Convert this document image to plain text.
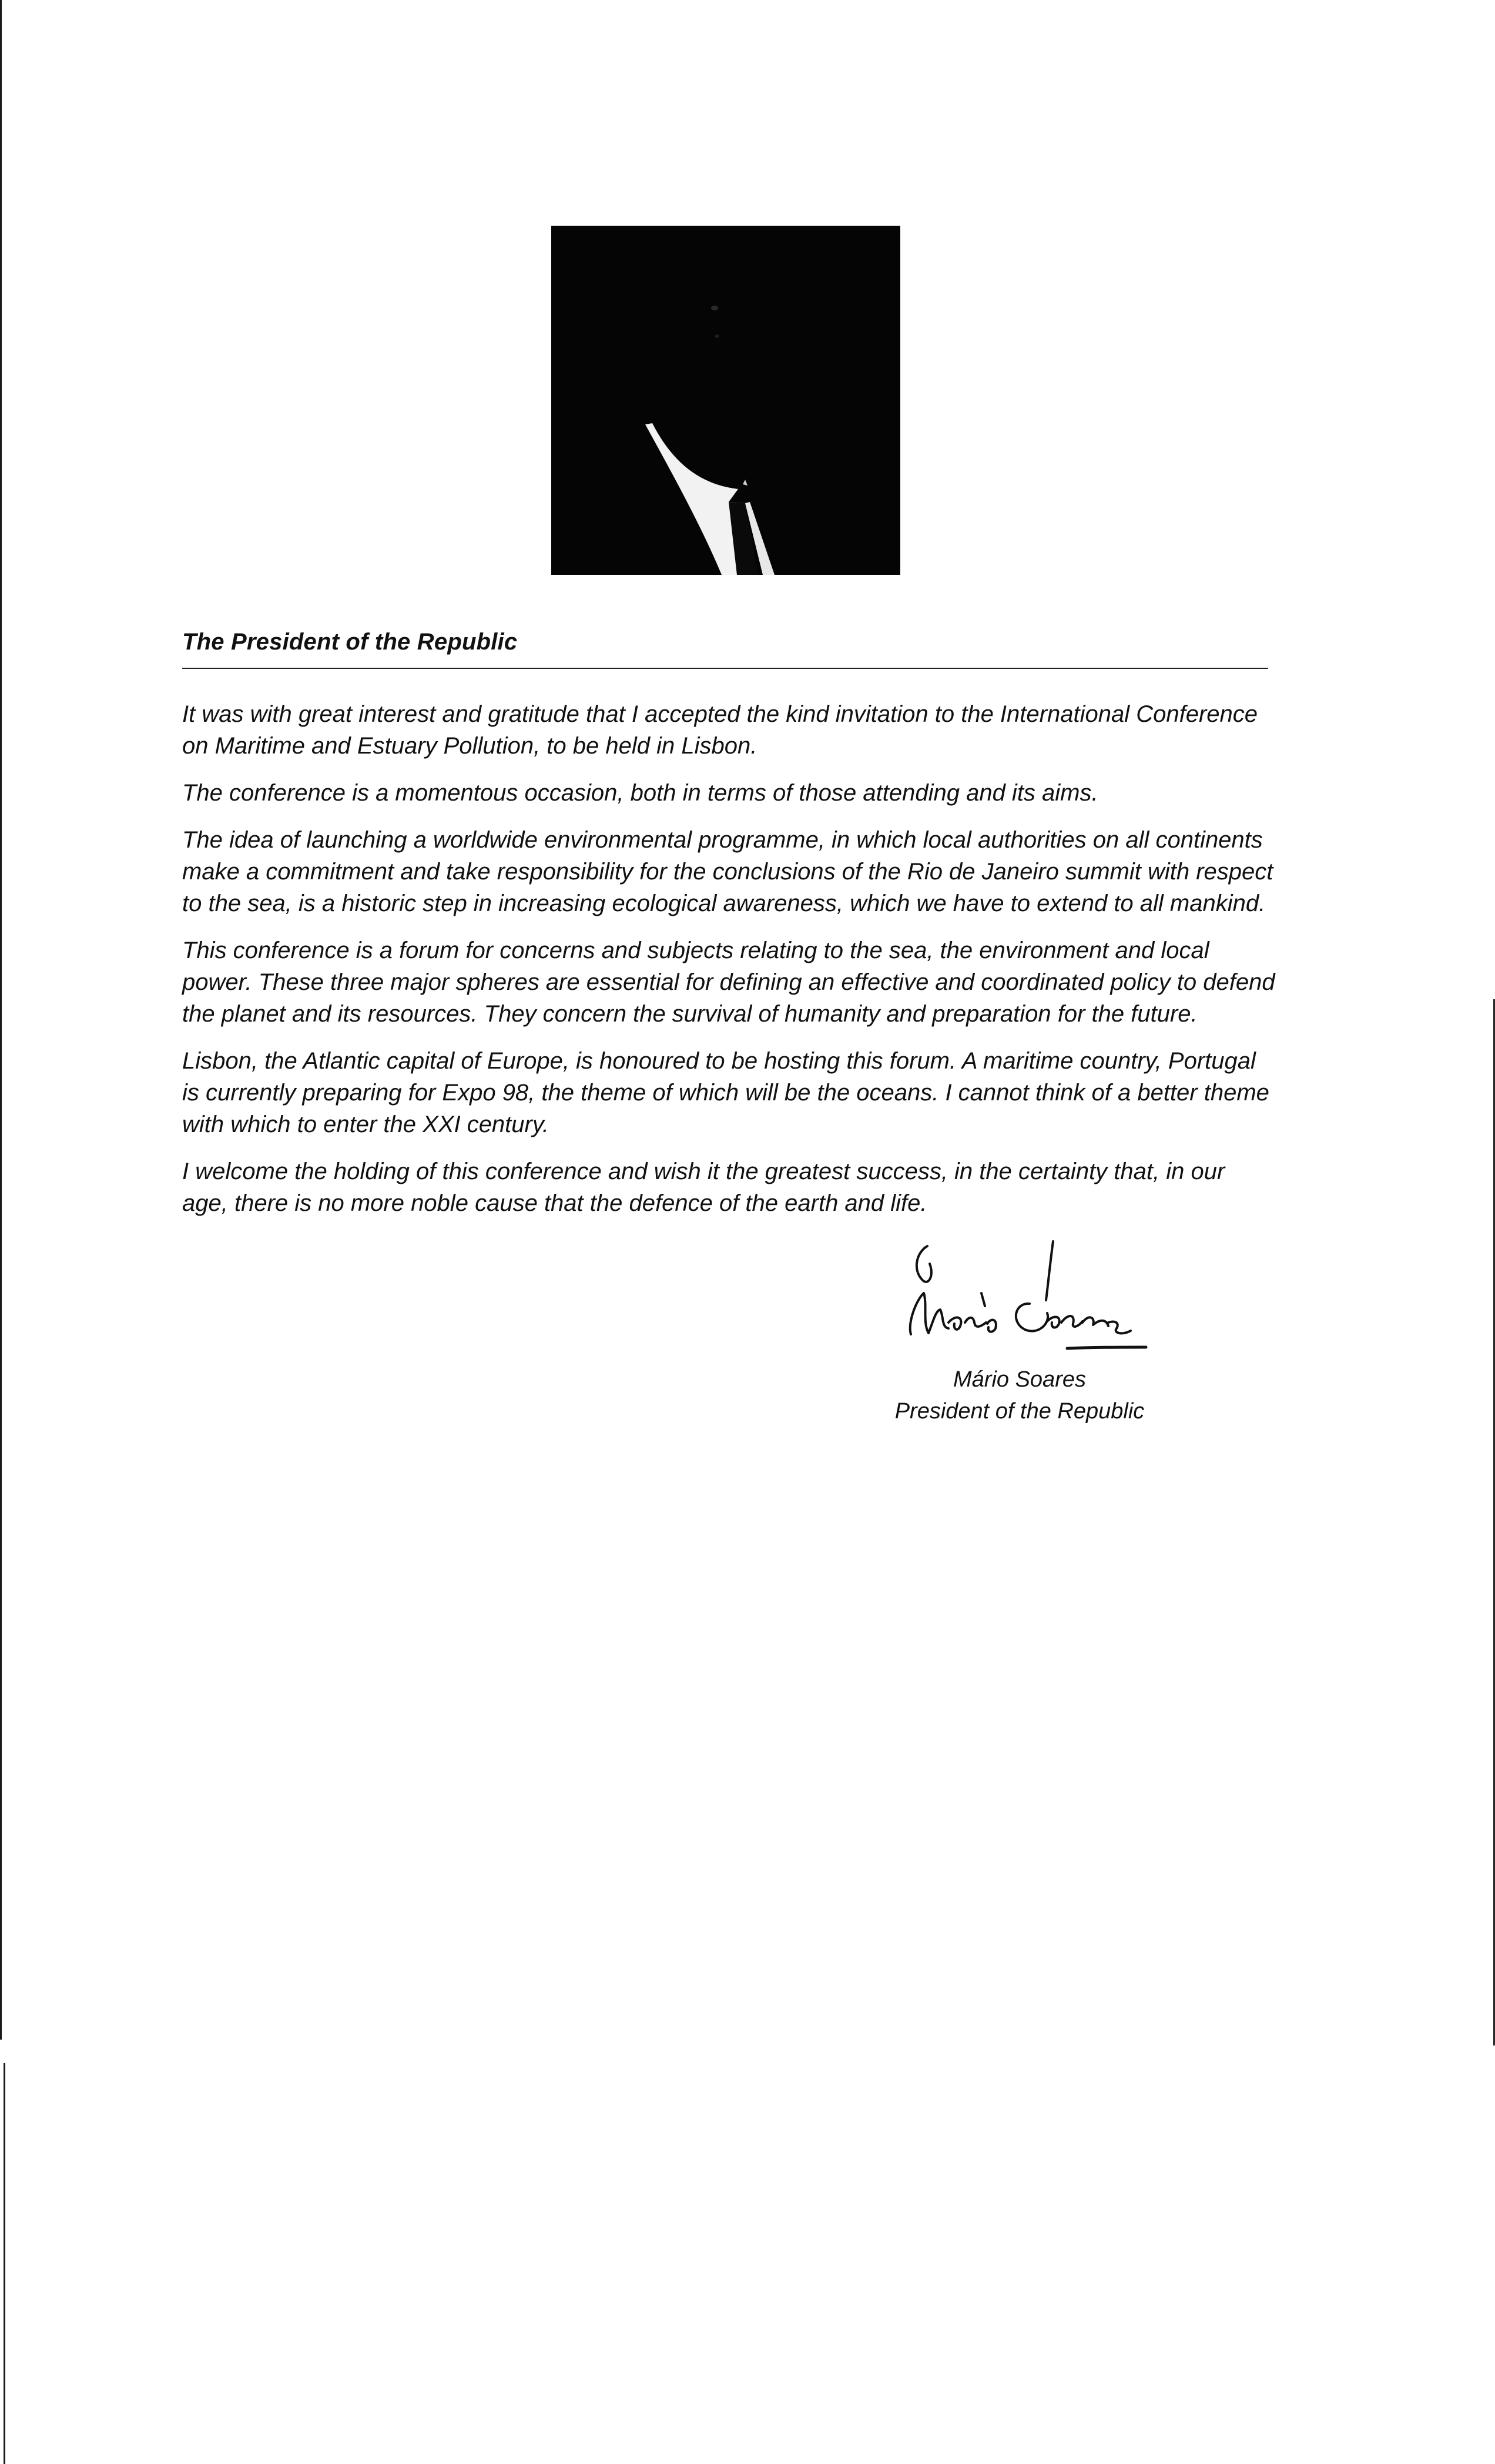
The President of the Republic

It was with great interest and gratitude that I accepted the kind invitation to the International Conference on Maritime and Estuary Pollution, to be held in Lisbon.

The conference is a momentous occasion, both in terms of those attending and its aims.

The idea of launching a worldwide environmental programme, in which local authorities on all continents make a commitment and take responsibility for the conclusions of the Rio de Janeiro summit with respect to the sea, is a historic step in increasing ecological awareness, which we have to extend to all mankind.

This conference is a forum for concerns and subjects relating to the sea, the environment and local power. These three major spheres are essential for defining an effective and coordinated policy to defend the planet and its resources. They concern the survival of humanity and preparation for the future.

Lisbon, the Atlantic capital of Europe, is honoured to be hosting this forum. A maritime country, Portugal is currently preparing for Expo 98, the theme of which will be the oceans. I cannot think of a better theme with which to enter the XXI century.

I welcome the holding of this conference and wish it the greatest success, in the certainty that, in our age, there is no more noble cause that the defence of the earth and life.

Mário Soares
President of the Republic
